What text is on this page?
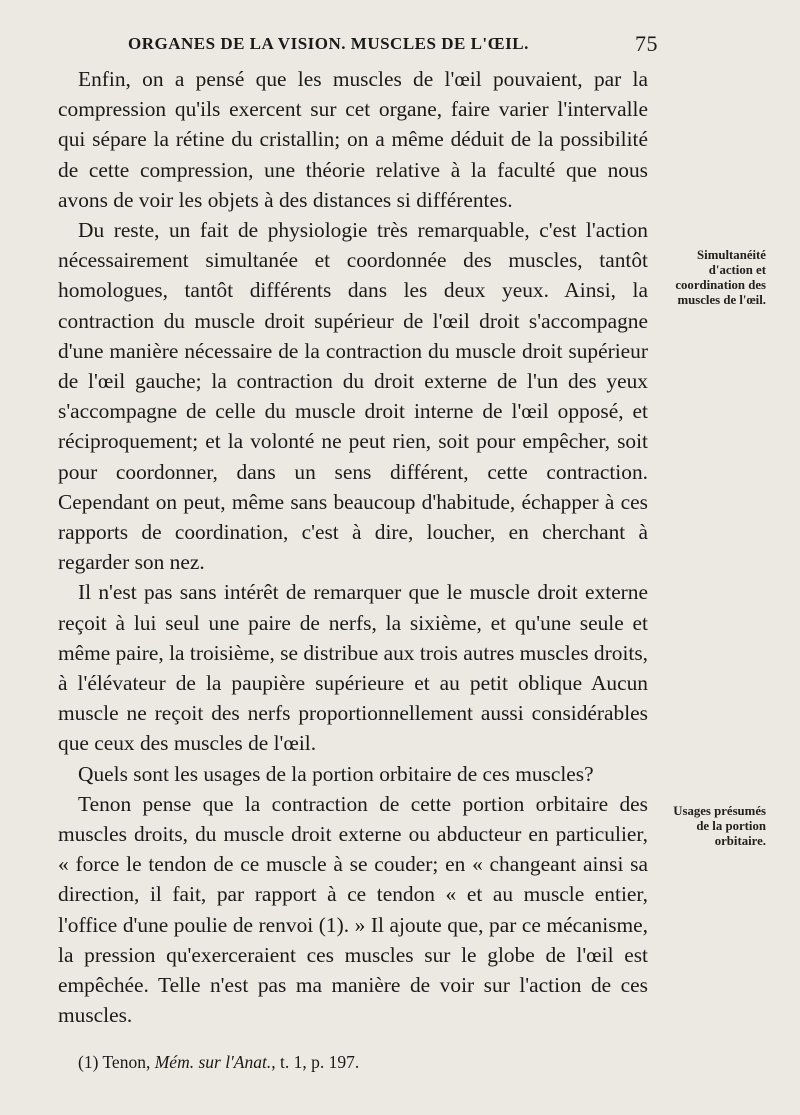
ORGANES DE LA VISION. MUSCLES DE L'ŒIL.	75

Enfin, on a pensé que les muscles de l'œil pouvaient, par la compression qu'ils exercent sur cet organe, faire varier l'intervalle qui sépare la rétine du cristallin; on a même déduit de la possibilité de cette compression, une théorie relative à la faculté que nous avons de voir les objets à des distances si différentes.

Du reste, un fait de physiologie très remarquable, c'est l'action nécessairement simultanée et coordonnée des muscles, tantôt homologues, tantôt différents dans les deux yeux. Ainsi, la contraction du muscle droit supérieur de l'œil droit s'accompagne d'une manière nécessaire de la contraction du muscle droit supérieur de l'œil gauche; la contraction du droit externe de l'un des yeux s'accompagne de celle du muscle droit interne de l'œil opposé, et réciproquement; et la volonté ne peut rien, soit pour empêcher, soit pour coordonner, dans un sens différent, cette contraction. Cependant on peut, même sans beaucoup d'habitude, échapper à ces rapports de coordination, c'est à dire, loucher, en cherchant à regarder son nez.

Il n'est pas sans intérêt de remarquer que le muscle droit externe reçoit à lui seul une paire de nerfs, la sixième, et qu'une seule et même paire, la troisième, se distribue aux trois autres muscles droits, à l'élévateur de la paupière supérieure et au petit oblique Aucun muscle ne reçoit des nerfs proportionnellement aussi considérables que ceux des muscles de l'œil.

Quels sont les usages de la portion orbitaire de ces muscles?

Tenon pense que la contraction de cette portion orbitaire des muscles droits, du muscle droit externe ou abducteur en particulier, « force le tendon de ce muscle à se couder; en « changeant ainsi sa direction, il fait, par rapport à ce tendon « et au muscle entier, l'office d'une poulie de renvoi (1). » Il ajoute que, par ce mécanisme, la pression qu'exerceraient ces muscles sur le globe de l'œil est empêchée. Telle n'est pas ma manière de voir sur l'action de ces muscles.

Simultanéité d'action et coordination des muscles de l'œil.
Usages présumés de la portion orbitaire.
(1) Tenon, Mém. sur l'Anat., t. 1, p. 197.
